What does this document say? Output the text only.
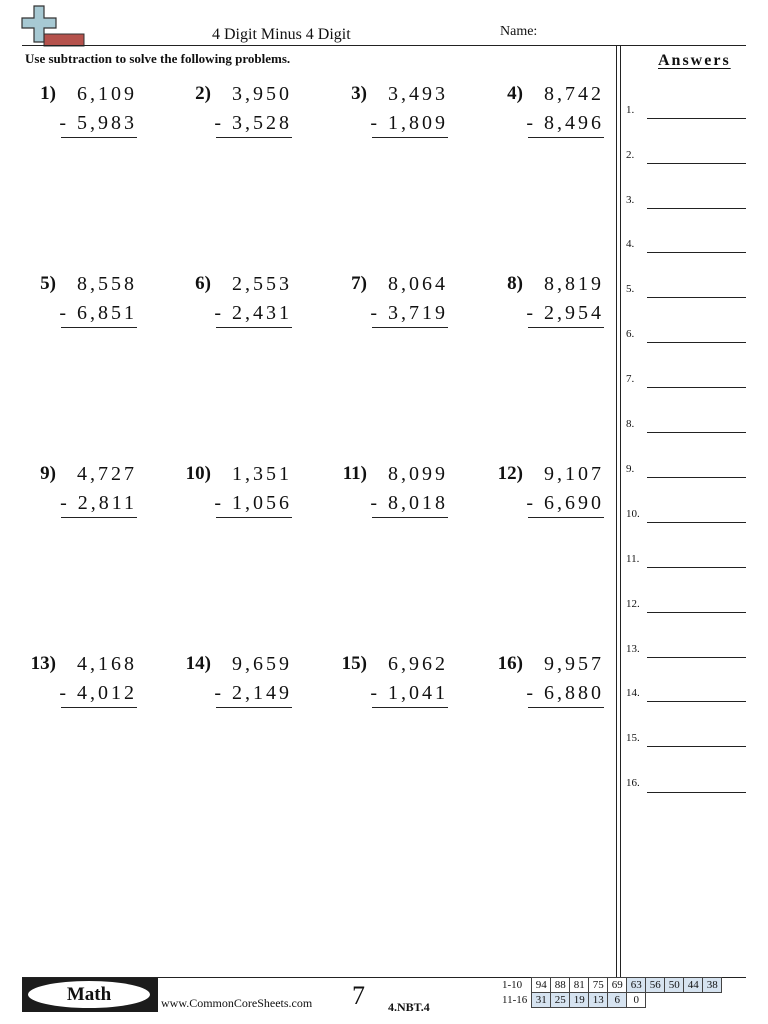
4 Digit Minus 4 Digit	Name:
Use subtraction to solve the following problems.
1) 6,109
- 5,983
2) 3,950
- 3,528
3) 3,493
- 1,809
4) 8,742
- 8,496
5) 8,558
- 6,851
6) 2,553
- 2,431
7) 8,064
- 3,719
8) 8,819
- 2,954
9) 4,727
- 2,811
10) 1,351
- 1,056
11) 8,099
- 8,018
12) 9,107
- 6,690
13) 4,168
- 4,012
14) 9,659
- 2,149
15) 6,962
- 1,041
16) 9,957
- 6,880
Answers
1.
2.
3.
4.
5.
6.
7.
8.
9.
10.
11.
12.
13.
14.
15.
16.
Math	www.CommonCoreSheets.com 7 4.NBT.4
1-10	94	88	81	75	69	63	56	50	44	38
11-16	31	25	19	13	6	0				
